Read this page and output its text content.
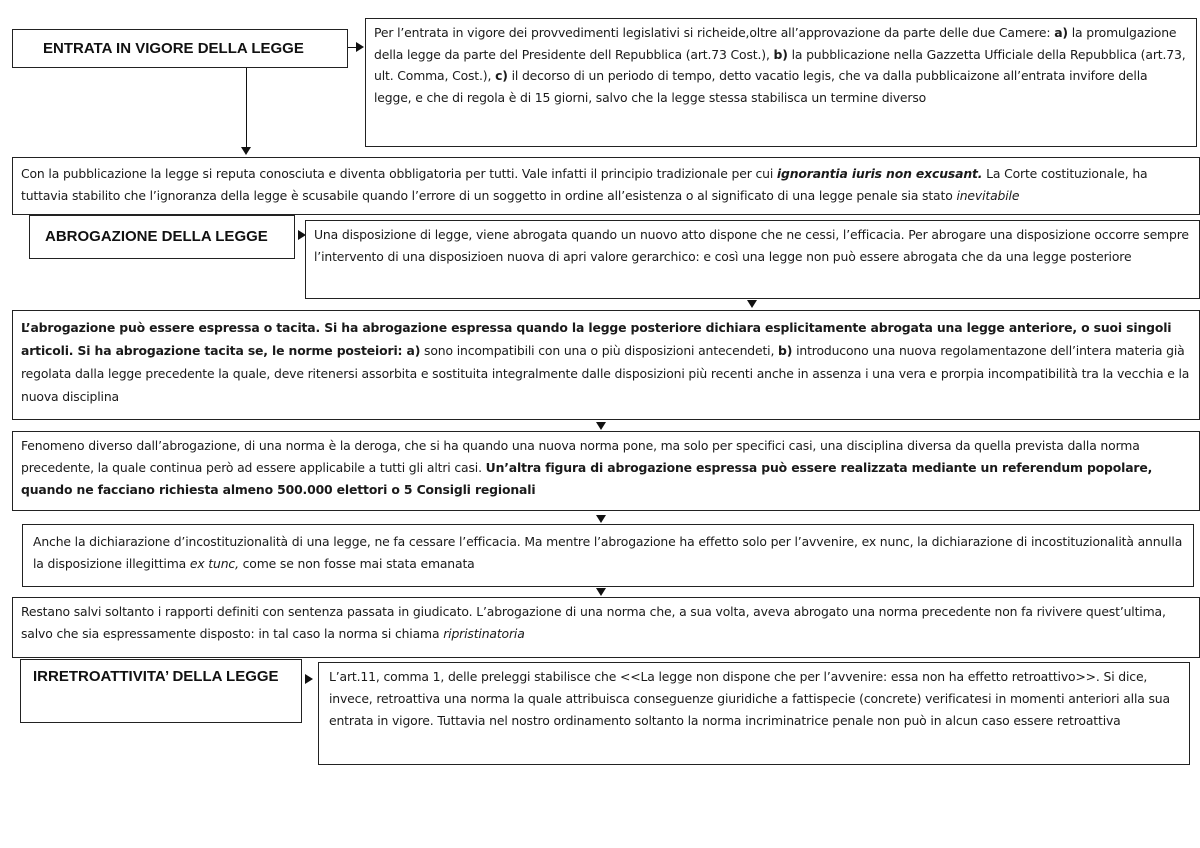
ENTRATA IN VIGORE DELLA LEGGE
Per l’entrata in vigore dei provvedimenti legislativi si richeide,oltre all’approvazione da parte delle due Camere: a) la promulgazione della legge da parte del Presidente dell Repubblica (art.73 Cost.), b) la pubblicazione nella Gazzetta Ufficiale della Repubblica (art.73, ult. Comma, Cost.), c) il decorso di un periodo di tempo, detto vacatio legis, che va dalla pubblicaizone all’entrata invifore della legge, e che di regola è di 15 giorni, salvo che la legge stessa stabilisca un termine diverso
Con la pubblicazione la legge si reputa conosciuta e diventa obbligatoria per tutti. Vale infatti il principio tradizionale per cui ignorantia iuris non excusant. La Corte costituzionale, ha tuttavia stabilito che l’ignoranza della legge è scusabile quando l’errore di un soggetto in ordine all’esistenza o al significato di una legge penale sia stato inevitabile
ABROGAZIONE DELLA LEGGE	Una disposizione di legge, viene abrogata quando un nuovo atto dispone che ne cessi, l’efficacia. Per abrogare una disposizione occorre sempre l’intervento di una disposizioen nuova di apri valore gerarchico: e così una legge non può essere abrogata che da una legge posteriore
L’abrogazione può essere espressa o tacita. Si ha abrogazione espressa quando la legge posteriore dichiara esplicitamente abrogata una legge anteriore, o suoi singoli articoli. Si ha abrogazione tacita se, le norme posteiori: a) sono incompatibili con una o più disposizioni antecendeti, b) introducono una nuova regolamentazone dell’intera materia già regolata dalla legge precedente la quale, deve ritenersi assorbita e sostituita integralmente dalle disposizioni più recenti anche in assenza i una vera e prorpia incompatibilità tra la vecchia e la nuova disciplina
Fenomeno diverso dall’abrogazione, di una norma è la deroga, che si ha quando una nuova norma pone, ma solo per specifici casi, una disciplina diversa da quella prevista dalla norma precedente, la quale continua però ad essere applicabile a tutti gli altri casi. Un’altra figura di abrogazione espressa può essere realizzata mediante un referendum popolare, quando ne facciano richiesta almeno 500.000 elettori o 5 Consigli regionali
Anche la dichiarazione d’incostituzionalità di una legge, ne fa cessare l’efficacia. Ma mentre l’abrogazione ha effetto solo per l’avvenire, ex nunc, la dichiarazione di incostituzionalità annulla la disposizione illegittima ex tunc, come se non fosse mai stata emanata
Restano salvi soltanto i rapporti definiti con sentenza passata in giudicato. L’abrogazione di una norma che, a sua volta, aveva abrogato una norma precedente non fa rivivere quest’ultima, salvo che sia espressamente disposto: in tal caso la norma si chiama ripristinatoria
IRRETROATTIVITA’ DELLA LEGGE	L’art.11, comma 1, delle preleggi stabilisce che <<La legge non dispone che per l’avvenire: essa non ha effetto retroattivo>>. Si dice, invece, retroattiva una norma la quale attribuisca conseguenze giuridiche a fattispecie (concrete) verificatesi in momenti anteriori alla sua entrata in vigore. Tuttavia nel nostro ordinamento soltanto la norma incriminatrice penale non può in alcun caso essere retroattiva
